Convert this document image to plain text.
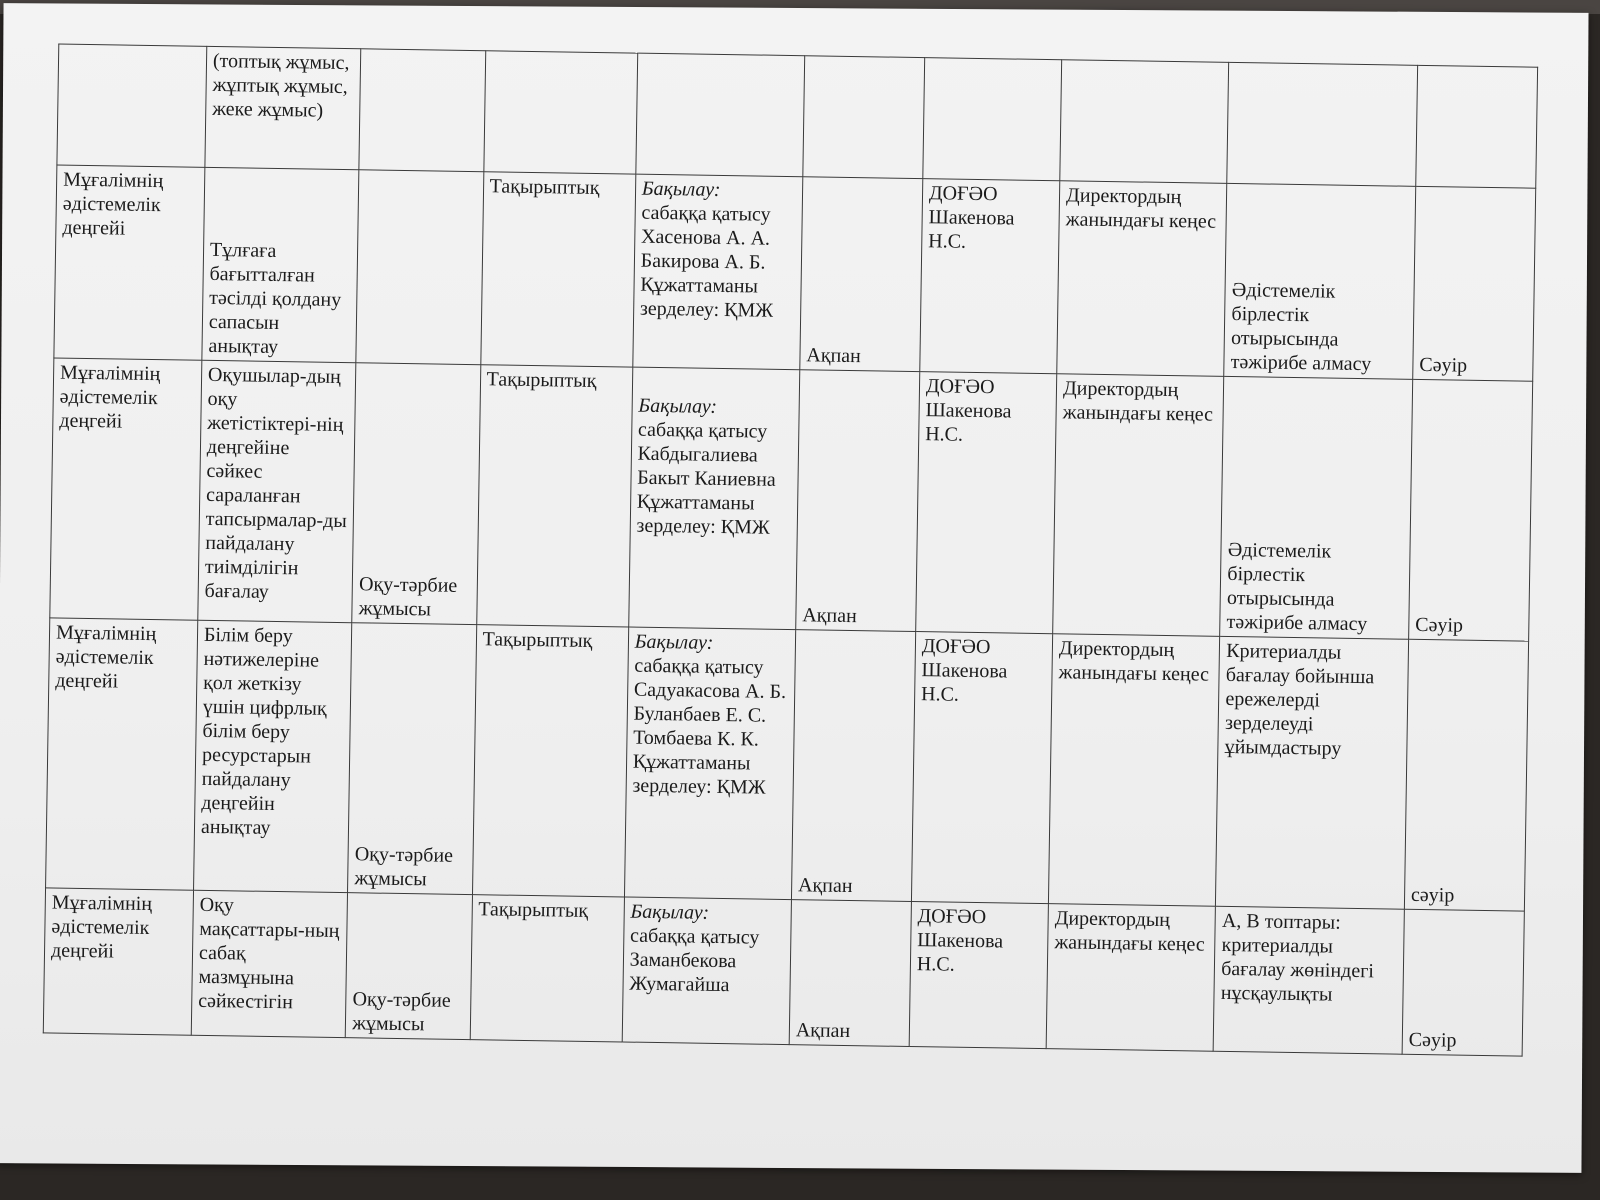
	(топтық жұмыс, жұптық жұмыс, жеке жұмыс)								
Мұғалімнің әдістемелік деңгейі	Тұлғаға бағытталған тәсілді қолдану сапасын анықтау		Тақырыптық	Бақылау:
сабаққа қатысу Хасенова А. А. Бакирова А. Б. Құжаттаманы зерделеу: ҚМЖ	Ақпан	ДОҒӘО Шакенова Н.С.	Директордың жанындағы кеңес	Әдістемелік бірлестік отырысында тәжірибе алмасу	Сәуір

Мұғалімнің әдістемелік деңгейі	Оқушылар-дың оқу жетістіктері-нің деңгейіне сәйкес сараланған тапсырмалар-ды пайдалану тиімділігін бағалау	Оқу-тәрбие жұмысы	Тақырыптық	Бақылау:
сабаққа қатысу Кабдыгалиева Бакыт Каниевна Құжаттаманы зерделеу: ҚМЖ	Ақпан	ДОҒӘО Шакенова Н.С.	Директордың жанындағы кеңес	Әдістемелік бірлестік отырысында тәжірибе алмасу	Сәуір

Мұғалімнің әдістемелік деңгейі	Білім беру нәтижелеріне қол жеткізу үшін цифрлық білім беру ресурстарын пайдалану деңгейін анықтау	Оқу-тәрбие жұмысы	Тақырыптық	Бақылау:
сабаққа қатысу Садуакасова А. Б. Буланбаев Е. С. Томбаева К. К. Құжаттаманы зерделеу: ҚМЖ	Ақпан	ДОҒӘО Шакенова Н.С.	Директордың жанындағы кеңес	Критериалды бағалау бойынша ережелерді зерделеуді ұйымдастыру	сәуір

Мұғалімнің әдістемелік деңгейі	Оқу мақсаттары-ның сабақ мазмұнына сәйкестігін	Оқу-тәрбие жұмысы	Тақырыптық	Бақылау:
сабаққа қатысу Заманбекова Жумагайша	Ақпан	ДОҒӘО Шакенова Н.С.	Директордың жанындағы кеңес	А, В топтары: критериалды бағалау жөніндегі нұсқаулықты	Сәуір
